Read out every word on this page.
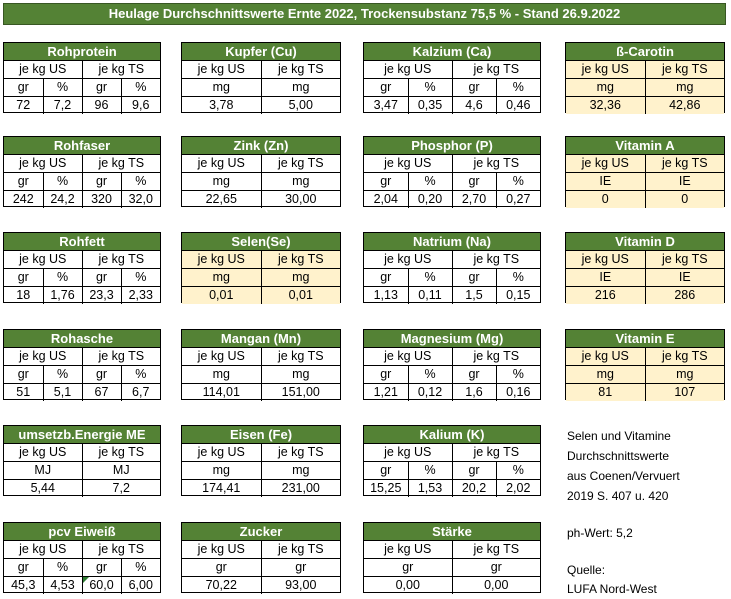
Heulage Durchschnittswerte Ernte 2022, Trockensubstanz 75,5 % - Stand 26.9.2022
Rohprotein			
je kg US		je kg TS	
gr	%	gr	%
72	7,2	96	9,6
Kupfer (Cu)	
je kg US	je kg TS
mg	mg
3,78	5,00
Kalzium (Ca)			
je kg US		je kg TS	
gr	%	gr	%
3,47	0,35	4,6	0,46
ß-Carotin	
je kg US	je kg TS
mg	mg
32,36	42,86
Rohfaser			
je kg US		je kg TS	
gr	%	gr	%
242	24,2	320	32,0
Zink (Zn)	
je kg US	je kg TS
mg	mg
22,65	30,00
Phosphor (P)			
je kg US		je kg TS	
gr	%	gr	%
2,04	0,20	2,70	0,27
Vitamin A	
je kg US	je kg TS
IE	IE
0	0
Rohfett			
je kg US		je kg TS	
gr	%	gr	%
18	1,76	23,3	2,33
Selen(Se)	
je kg US	je kg TS
mg	mg
0,01	0,01
Natrium (Na)			
je kg US		je kg TS	
gr	%	gr	%
1,13	0,11	1,5	0,15
Vitamin D	
je kg US	je kg TS
IE	IE
216	286
Rohasche			
je kg US		je kg TS	
gr	%	gr	%
51	5,1	67	6,7
Mangan (Mn)	
je kg US	je kg TS
mg	mg
114,01	151,00
Magnesium (Mg)			
je kg US		je kg TS	
gr	%	gr	%
1,21	0,12	1,6	0,16
Vitamin E	
je kg US	je kg TS
mg	mg
81	107
umsetzb.Energie ME	
je kg US	je kg TS
MJ	MJ
5,44	7,2
Eisen (Fe)	
je kg US	je kg TS
mg	mg
174,41	231,00
Kalium (K)			
je kg US		je kg TS	
gr	%	gr	%
15,25	1,53	20,2	2,02
pcv Eiweiß			
je kg US		je kg TS	
gr	%	gr	%
45,3	4,53	60,0	6,00
Zucker	
je kg US	je kg TS
gr	gr
70,22	93,00
Stärke	
je kg US	je kg TS
gr	gr
0,00	0,00
Selen und Vitamine
Durchschnittswerte
aus Coenen/Vervuert
2019 S. 407 u. 420
ph-Wert: 5,2
Quelle:
LUFA Nord-West
